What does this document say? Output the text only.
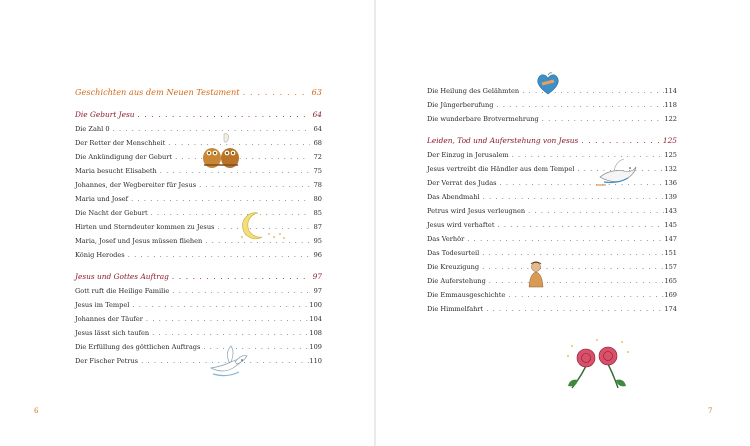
Geschichten aus dem Neuen Testament . . .	63
Die Geburt Jesu . . .	64
Die Zahl 0 . . .	64
Der Retter der Menschheit . . .	68
Die Ankündigung der Geburt . . .	72
Maria besucht Elisabeth . . .	75
Johannes, der Wegbereiter für Jesus . . .	78
Maria und Josef . . .	80
Die Nacht der Geburt . . .	85
Hirten und Sterndeuter kommen zu Jesus . . .	87
Maria, Josef und Jesus müssen fliehen . . .	95
König Herodes . . .	96
Jesus und Gottes Auftrag . . .	97
Gott ruft die Heilige Familie . . .	97
Jesus im Tempel . . .	100
Johannes der Täufer . . .	104
Jesus lässt sich taufen . . .	108
Die Erfüllung des göttlichen Auftrags . . .	109
Der Fischer Petrus . . .	110
Die Heilung des Gelähmten . . .	114
Die Jüngerberufung . . .	118
Die wunderbare Brotvermehrung . . .	122
Leiden, Tod und Auferstehung von Jesus . . .	125
Der Einzug in Jerusalem . . .	125
Jesus vertreibt die Händler aus dem Tempel . . .	132
Der Verrat des Judas . . .	136
Das Abendmahl . . .	139
Petrus wird Jesus verleugnen . . .	143
Jesus wird verhaftet . . .	145
Das Verhör . . .	147
Das Todesurteil . . .	151
Die Kreuzigung . . .	157
Die Auferstehung . . .	165
Die Emmausgeschichte . . .	169
Die Himmelfahrt . . .	174
6	7
